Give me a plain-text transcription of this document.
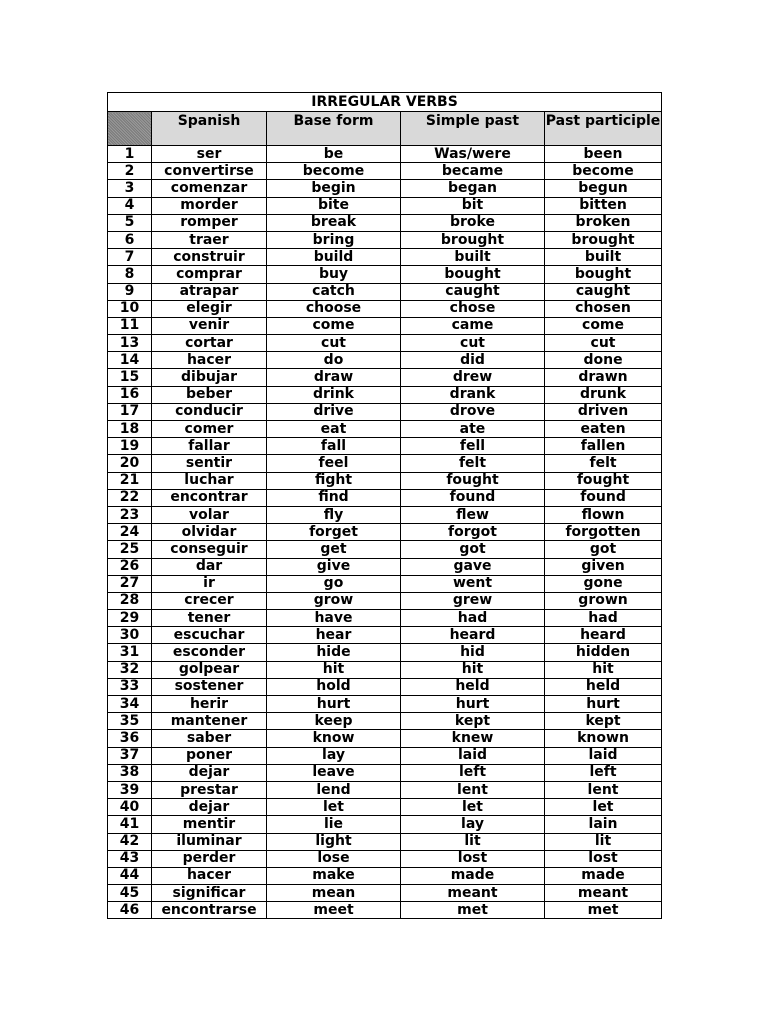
IRREGULAR VERBS				
	Spanish	Base form	Simple past	Past participle
1	ser	be	Was/were	been
2	convertirse	become	became	become
3	comenzar	begin	began	begun
4	morder	bite	bit	bitten
5	romper	break	broke	broken
6	traer	bring	brought	brought
7	construir	build	built	built
8	comprar	buy	bought	bought
9	atrapar	catch	caught	caught
10	elegir	choose	chose	chosen
11	venir	come	came	come
13	cortar	cut	cut	cut
14	hacer	do	did	done
15	dibujar	draw	drew	drawn
16	beber	drink	drank	drunk
17	conducir	drive	drove	driven
18	comer	eat	ate	eaten
19	fallar	fall	fell	fallen
20	sentir	feel	felt	felt
21	luchar	fight	fought	fought
22	encontrar	find	found	found
23	volar	fly	flew	flown
24	olvidar	forget	forgot	forgotten
25	conseguir	get	got	got
26	dar	give	gave	given
27	ir	go	went	gone
28	crecer	grow	grew	grown
29	tener	have	had	had
30	escuchar	hear	heard	heard
31	esconder	hide	hid	hidden
32	golpear	hit	hit	hit
33	sostener	hold	held	held
34	herir	hurt	hurt	hurt
35	mantener	keep	kept	kept
36	saber	know	knew	known
37	poner	lay	laid	laid
38	dejar	leave	left	left
39	prestar	lend	lent	lent
40	dejar	let	let	let
41	mentir	lie	lay	lain
42	iluminar	light	lit	lit
43	perder	lose	lost	lost
44	hacer	make	made	made
45	significar	mean	meant	meant
46	encontrarse	meet	met	met
